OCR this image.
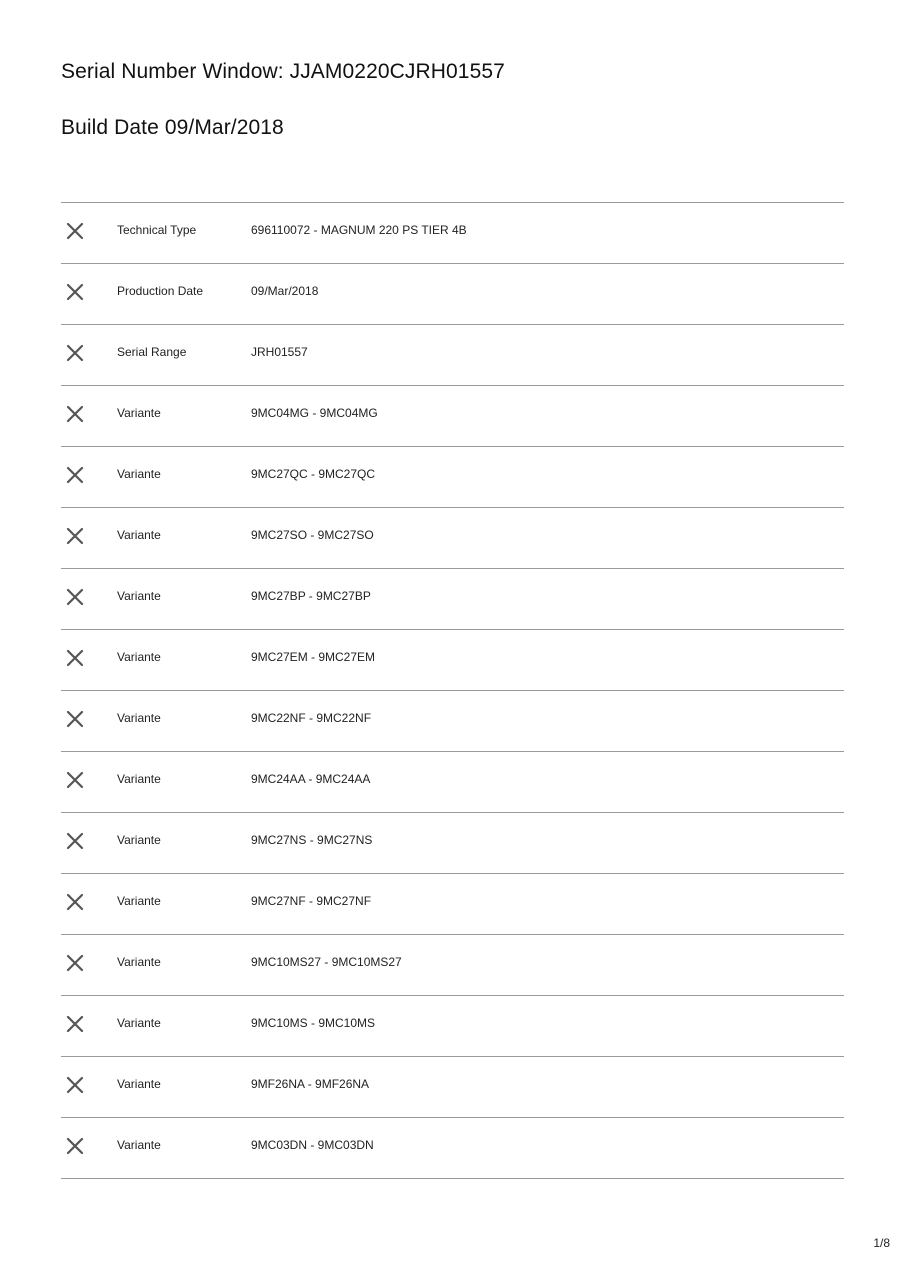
Serial Number Window: JJAM0220CJRH01557
Build Date 09/Mar/2018
Technical Type	696110072 - MAGNUM 220 PS TIER 4B
Production Date	09/Mar/2018
Serial Range	JRH01557
Variante	9MC04MG - 9MC04MG
Variante	9MC27QC - 9MC27QC
Variante	9MC27SO - 9MC27SO
Variante	9MC27BP - 9MC27BP
Variante	9MC27EM - 9MC27EM
Variante	9MC22NF - 9MC22NF
Variante	9MC24AA - 9MC24AA
Variante	9MC27NS - 9MC27NS
Variante	9MC27NF - 9MC27NF
Variante	9MC10MS27 - 9MC10MS27
Variante	9MC10MS - 9MC10MS
Variante	9MF26NA - 9MF26NA
Variante	9MC03DN - 9MC03DN
1/8
